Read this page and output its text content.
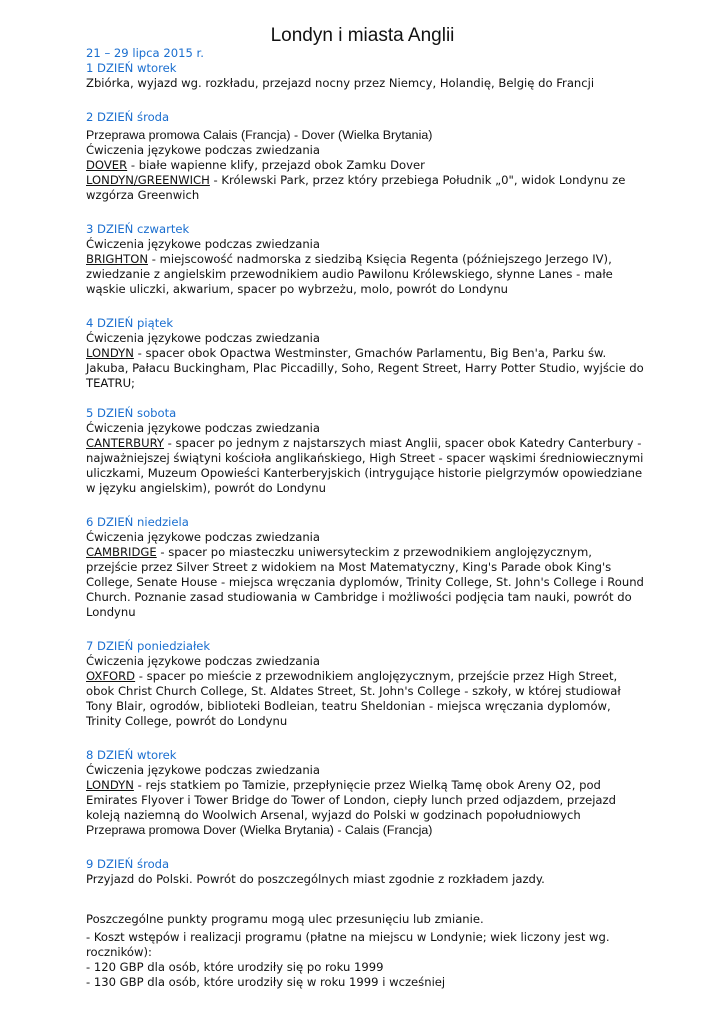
Londyn i miasta Anglii
21 – 29 lipca 2015 r.
1 DZIEŃ wtorek
Zbiórka, wyjazd wg. rozkładu, przejazd nocny przez Niemcy, Holandię, Belgię do Francji
2 DZIEŃ środa
Przeprawa promowa Calais (Francja) - Dover (Wielka Brytania)
Ćwiczenia językowe podczas zwiedzania
DOVER - białe wapienne klify, przejazd obok Zamku Dover
LONDYN/GREENWICH - Królewski Park, przez który przebiega Południk „0", widok Londynu ze wzgórza Greenwich
3 DZIEŃ czwartek
Ćwiczenia językowe podczas zwiedzania
BRIGHTON - miejscowość nadmorska z siedzibą Księcia Regenta (późniejszego Jerzego IV), zwiedzanie z angielskim przewodnikiem audio Pawilonu Królewskiego, słynne Lanes - małe wąskie uliczki, akwarium, spacer po wybrzeżu, molo, powrót do Londynu
4 DZIEŃ piątek
Ćwiczenia językowe podczas zwiedzania
LONDYN - spacer obok Opactwa Westminster, Gmachów Parlamentu, Big Ben'a, Parku św. Jakuba, Pałacu Buckingham, Plac Piccadilly, Soho, Regent Street, Harry Potter Studio, wyjście do TEATRU;
5 DZIEŃ sobota
Ćwiczenia językowe podczas zwiedzania
CANTERBURY - spacer po jednym z najstarszych miast Anglii, spacer obok Katedry Canterbury - najważniejszej świątyni kościoła anglikańskiego, High Street - spacer wąskimi średniowiecznymi uliczkami, Muzeum Opowieści Kanterberyjskich (intrygujące historie pielgrzymów opowiedziane w języku angielskim), powrót do Londynu
6 DZIEŃ niedziela
Ćwiczenia językowe podczas zwiedzania
CAMBRIDGE - spacer po miasteczku uniwersyteckim z przewodnikiem anglojęzycznym, przejście przez Silver Street z widokiem na Most Matematyczny, King's Parade obok King's College, Senate House - miejsca wręczania dyplomów, Trinity College, St. John's College i Round Church. Poznanie zasad studiowania w Cambridge i możliwości podjęcia tam nauki, powrót do Londynu
7 DZIEŃ poniedziałek
Ćwiczenia językowe podczas zwiedzania
OXFORD - spacer po mieście z przewodnikiem anglojęzycznym, przejście przez High Street, obok Christ Church College, St. Aldates Street, St. John's College - szkoły, w której studiował Tony Blair, ogrodów, biblioteki Bodleian, teatru Sheldonian - miejsca wręczania dyplomów, Trinity College, powrót do Londynu
8 DZIEŃ wtorek
Ćwiczenia językowe podczas zwiedzania
LONDYN - rejs statkiem po Tamizie, przepłynięcie przez Wielką Tamę obok Areny O2, pod Emirates Flyover i Tower Bridge do Tower of London, ciepły lunch przed odjazdem, przejazd koleją naziemną do Woolwich Arsenal, wyjazd do Polski w godzinach popołudniowych
Przeprawa promowa Dover (Wielka Brytania) - Calais (Francja)
9 DZIEŃ środa
Przyjazd do Polski. Powrót do poszczególnych miast zgodnie z rozkładem jazdy.
Poszczególne punkty programu mogą ulec przesunięciu lub zmianie.
- Koszt wstępów i realizacji programu (płatne na miejscu w Londynie; wiek liczony jest wg. roczników):
- 120 GBP dla osób, które urodziły się po roku 1999
- 130 GBP dla osób, które urodziły się w roku 1999 i wcześniej
